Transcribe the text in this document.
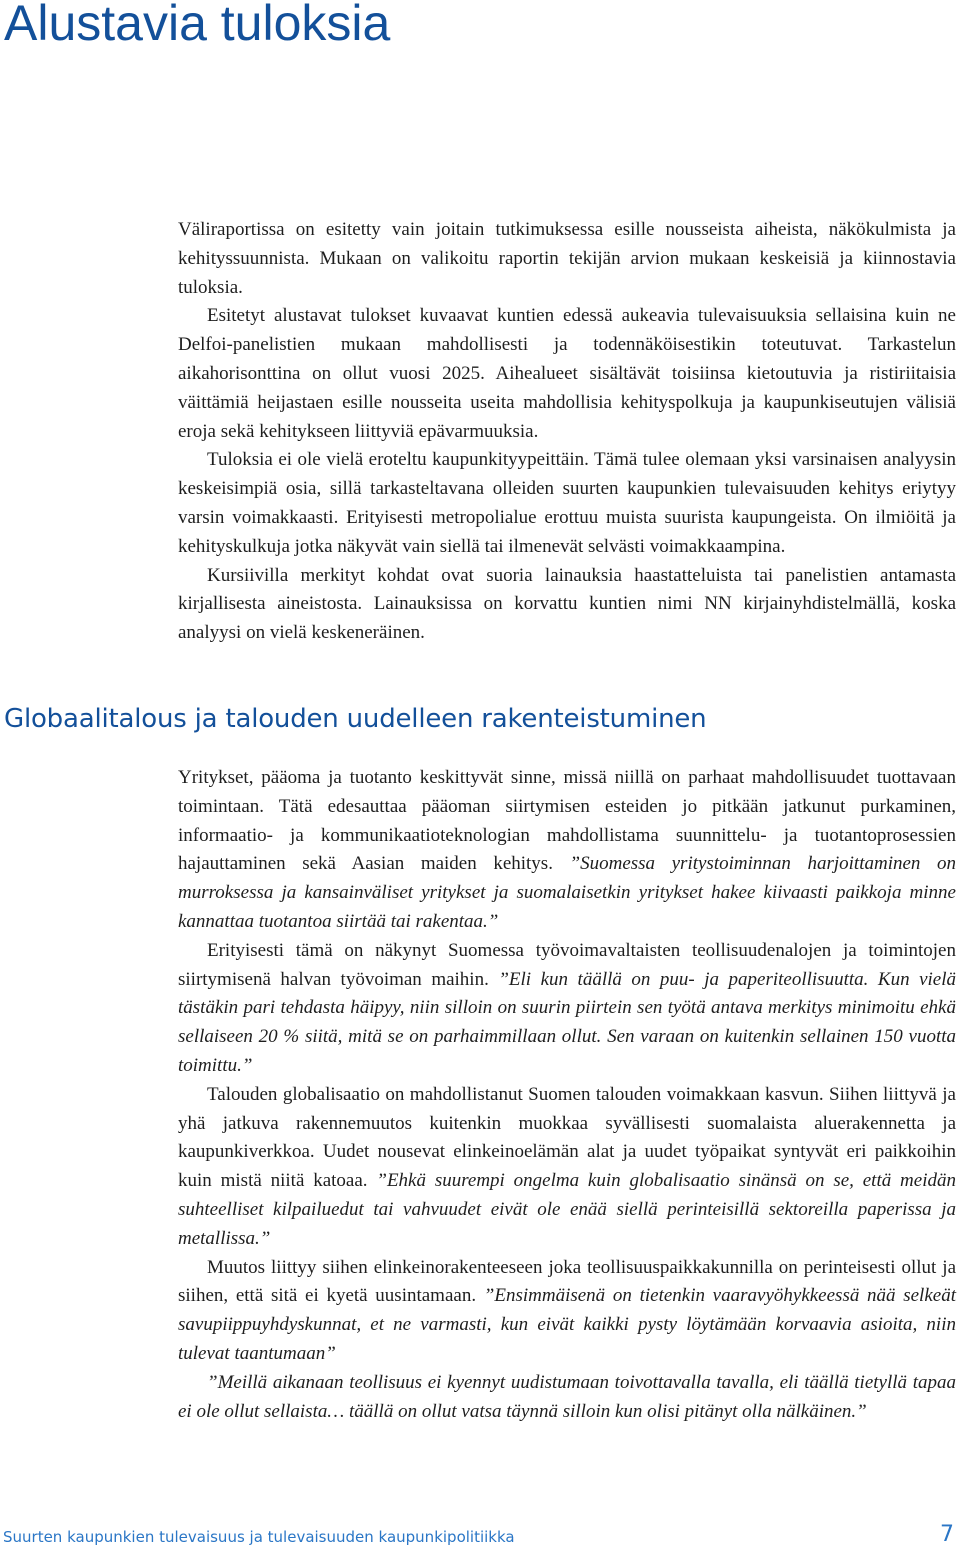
Alustavia tuloksia

Väliraportissa on esitetty vain joitain tutkimuksessa esille nousseista aiheista, näkökulmista ja kehityssuunnista. Mukaan on valikoitu raportin tekijän arvion mukaan keskeisiä ja kiinnostavia tuloksia.

Esitetyt alustavat tulokset kuvaavat kuntien edessä aukeavia tulevaisuuksia sellaisina kuin ne Delfoi-panelistien mukaan mahdollisesti ja todennäköisestikin toteutuvat. Tarkastelun aikahorisonttina on ollut vuosi 2025. Aihealueet sisältävät toisiinsa kietoutuvia ja ristiriitaisia väittämiä heijastaen esille nousseita useita mahdollisia kehityspolkuja ja kaupunkiseutujen välisiä eroja sekä kehitykseen liittyviä epävarmuuksia.

Tuloksia ei ole vielä eroteltu kaupunkityypeittäin. Tämä tulee olemaan yksi varsinaisen analyysin keskeisimpiä osia, sillä tarkasteltavana olleiden suurten kaupunkien tulevaisuuden kehitys eriytyy varsin voimakkaasti. Erityisesti metropolialue erottuu muista suurista kaupungeista. On ilmiöitä ja kehityskulkuja jotka näkyvät vain siellä tai ilmenevät selvästi voimakkaampina.

Kursiivilla merkityt kohdat ovat suoria lainauksia haastatteluista tai panelistien antamasta kirjallisesta aineistosta. Lainauksissa on korvattu kuntien nimi NN kirjainyhdistelmällä, koska analyysi on vielä keskeneräinen.

Globaalitalous ja talouden uudelleen rakenteistuminen

Yritykset, pääoma ja tuotanto keskittyvät sinne, missä niillä on parhaat mahdollisuudet tuottavaan toimintaan. Tätä edesauttaa pääoman siirtymisen esteiden jo pitkään jatkunut purkaminen, informaatio- ja kommunikaatioteknologian mahdollistama suunnittelu- ja tuotantoprosessien hajauttaminen sekä Aasian maiden kehitys. ”Suomessa yritystoiminnan harjoittaminen on murroksessa ja kansainväliset yritykset ja suomalaisetkin yritykset hakee kiivaasti paikkoja minne kannattaa tuotantoa siirtää tai rakentaa.”

Erityisesti tämä on näkynyt Suomessa työvoimavaltaisten teollisuudenalojen ja toimintojen siirtymisenä halvan työvoiman maihin. ”Eli kun täällä on puu- ja paperiteollisuutta. Kun vielä tästäkin pari tehdasta häipyy, niin silloin on suurin piirtein sen työtä antava merkitys minimoitu ehkä sellaiseen 20 % siitä, mitä se on parhaimmillaan ollut. Sen varaan on kuitenkin sellainen 150 vuotta toimittu.”

Talouden globalisaatio on mahdollistanut Suomen talouden voimakkaan kasvun. Siihen liittyvä ja yhä jatkuva rakennemuutos kuitenkin muokkaa syvällisesti suomalaista aluerakennetta ja kaupunkiverkkoa. Uudet nousevat elinkeinoelämän alat ja uudet työpaikat syntyvät eri paikkoihin kuin mistä niitä katoaa. ”Ehkä suurempi ongelma kuin globalisaatio sinänsä on se, että meidän suhteelliset kilpailuedut tai vahvuudet eivät ole enää siellä perinteisillä sektoreilla paperissa ja metallissa.”

Muutos liittyy siihen elinkeinorakenteeseen joka teollisuuspaikkakunnilla on perinteisesti ollut ja siihen, että sitä ei kyetä uusintamaan. ”Ensimmäisenä on tietenkin vaaravyöhykkeessä nää selkeät savupiippuyhdyskunnat, et ne varmasti, kun eivät kaikki pysty löytämään korvaavia asioita, niin tulevat taantumaan”

”Meillä aikanaan teollisuus ei kyennyt uudistumaan toivottavalla tavalla, eli täällä tietyllä tapaa ei ole ollut sellaista… täällä on ollut vatsa täynnä silloin kun olisi pitänyt olla nälkäinen.”

Suurten kaupunkien tulevaisuus ja tulevaisuuden kaupunkipolitiikka	7
